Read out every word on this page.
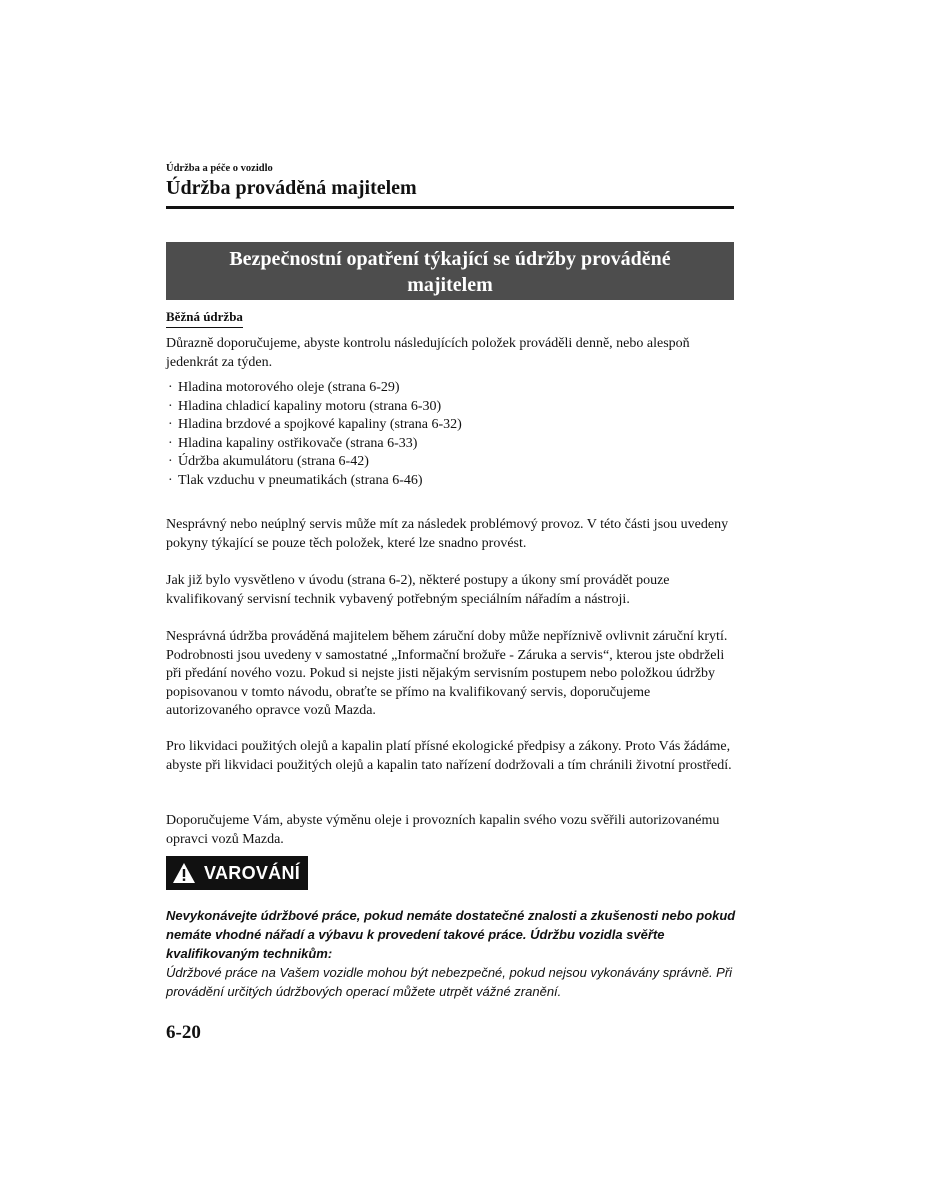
Údržba a péče o vozidlo
Údržba prováděná majitelem
Bezpečnostní opatření týkající se údržby prováděné
majitelem
Běžná údržba

Důrazně doporučujeme, abyste kontrolu následujících položek prováděli denně, nebo alespoň jedenkrát za týden.

· Hladina motorového oleje (strana 6-29)
· Hladina chladicí kapaliny motoru (strana 6-30)
· Hladina brzdové a spojkové kapaliny (strana 6-32)
· Hladina kapaliny ostřikovače (strana 6-33)
· Údržba akumulátoru (strana 6-42)
· Tlak vzduchu v pneumatikách (strana 6-46)

Nesprávný nebo neúplný servis může mít za následek problémový provoz. V této části jsou uvedeny pokyny týkající se pouze těch položek, které lze snadno provést.

Jak již bylo vysvětleno v úvodu (strana 6-2), některé postupy a úkony smí provádět pouze kvalifikovaný servisní technik vybavený potřebným speciálním nářadím a nástroji.

Nesprávná údržba prováděná majitelem během záruční doby může nepříznivě ovlivnit záruční krytí. Podrobnosti jsou uvedeny v samostatné „Informační brožuře - Záruka a servis“, kterou jste obdrželi při předání nového vozu. Pokud si nejste jisti nějakým servisním postupem nebo položkou údržby popisovanou v tomto návodu, obraťte se přímo na kvalifikovaný servis, doporučujeme autorizovaného opravce vozů Mazda.

Pro likvidaci použitých olejů a kapalin platí přísné ekologické předpisy a zákony. Proto Vás žádáme, abyste při likvidaci použitých olejů a kapalin tato nařízení dodržovali a tím chránili životní prostředí.

Doporučujeme Vám, abyste výměnu oleje i provozních kapalin svého vozu svěřili autorizovanému opravci vozů Mazda.

VAROVÁNÍ
Nevykonávejte údržbové práce, pokud nemáte dostatečné znalosti a zkušenosti nebo pokud nemáte vhodné nářadí a výbavu k provedení takové práce. Údržbu vozidla svěřte kvalifikovaným technikům:
Údržbové práce na Vašem vozidle mohou být nebezpečné, pokud nejsou vykonávány správně. Při provádění určitých údržbových operací můžete utrpět vážné zranění.
6-20
